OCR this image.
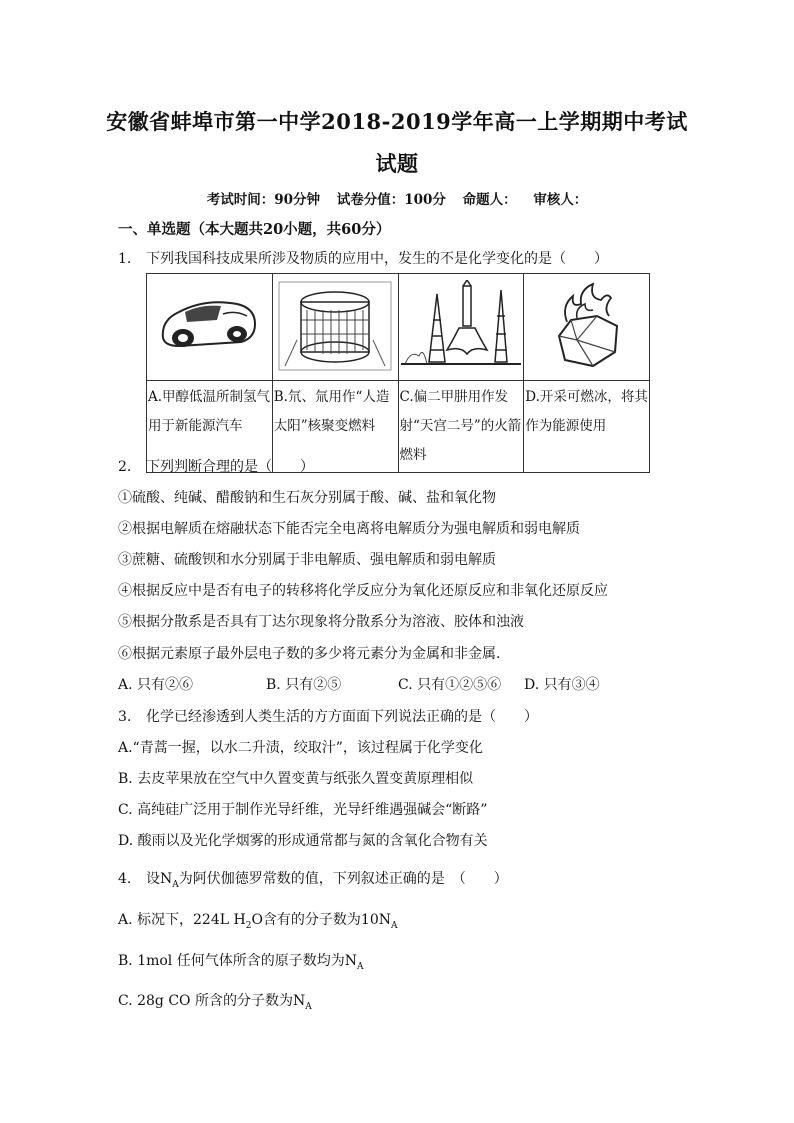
安徽省蚌埠市第一中学2018-2019学年高一上学期期中考试
试题
考试时间：90分钟 试卷分值：100分 命题人： 审核人：
一、单选题（本大题共20小题，共60分）
1. 下列我国科技成果所涉及物质的应用中，发生的不是化学变化的是（　　）

A.甲醇低温所制氢气用于新能源汽车	B.氘、氚用作“人造太阳”核聚变燃料	C.偏二甲肼用作发射“天宫二号”的火箭燃料	D.开采可燃冰，将其作为能源使用
2. 下列判断合理的是（　　）
①硫酸、纯碱、醋酸钠和生石灰分别属于酸、碱、盐和氧化物
②根据电解质在熔融状态下能否完全电离将电解质分为强电解质和弱电解质
③蔗糖、硫酸钡和水分别属于非电解质、强电解质和弱电解质
④根据反应中是否有电子的转移将化学反应分为氧化还原反应和非氧化还原反应
⑤根据分散系是否具有丁达尔现象将分散系分为溶液、胶体和浊液
⑥根据元素原子最外层电子数的多少将元素分为金属和非金属.
A. 只有②⑥	B. 只有②⑤	C. 只有①②⑤⑥ D. 只有③④
3. 化学已经渗透到人类生活的方方面面下列说法正确的是（　　）
A.“青蒿一握，以水二升渍，绞取汁”，该过程属于化学变化
B. 去皮苹果放在空气中久置变黄与纸张久置变黄原理相似
C. 高纯硅广泛用于制作光导纤维，光导纤维遇强碱会“断路”
D. 酸雨以及光化学烟雾的形成通常都与氮的含氧化合物有关
4. 设$N_A$为阿伏伽德罗常数的值，下列叙述正确的是　（　　）
A. 标况下，224L $H_2O$含有的分子数为$10N_A$
B. 1mol 任何气体所含的原子数均为$N_A$
C. 28g CO 所含的分子数为$N_A$
